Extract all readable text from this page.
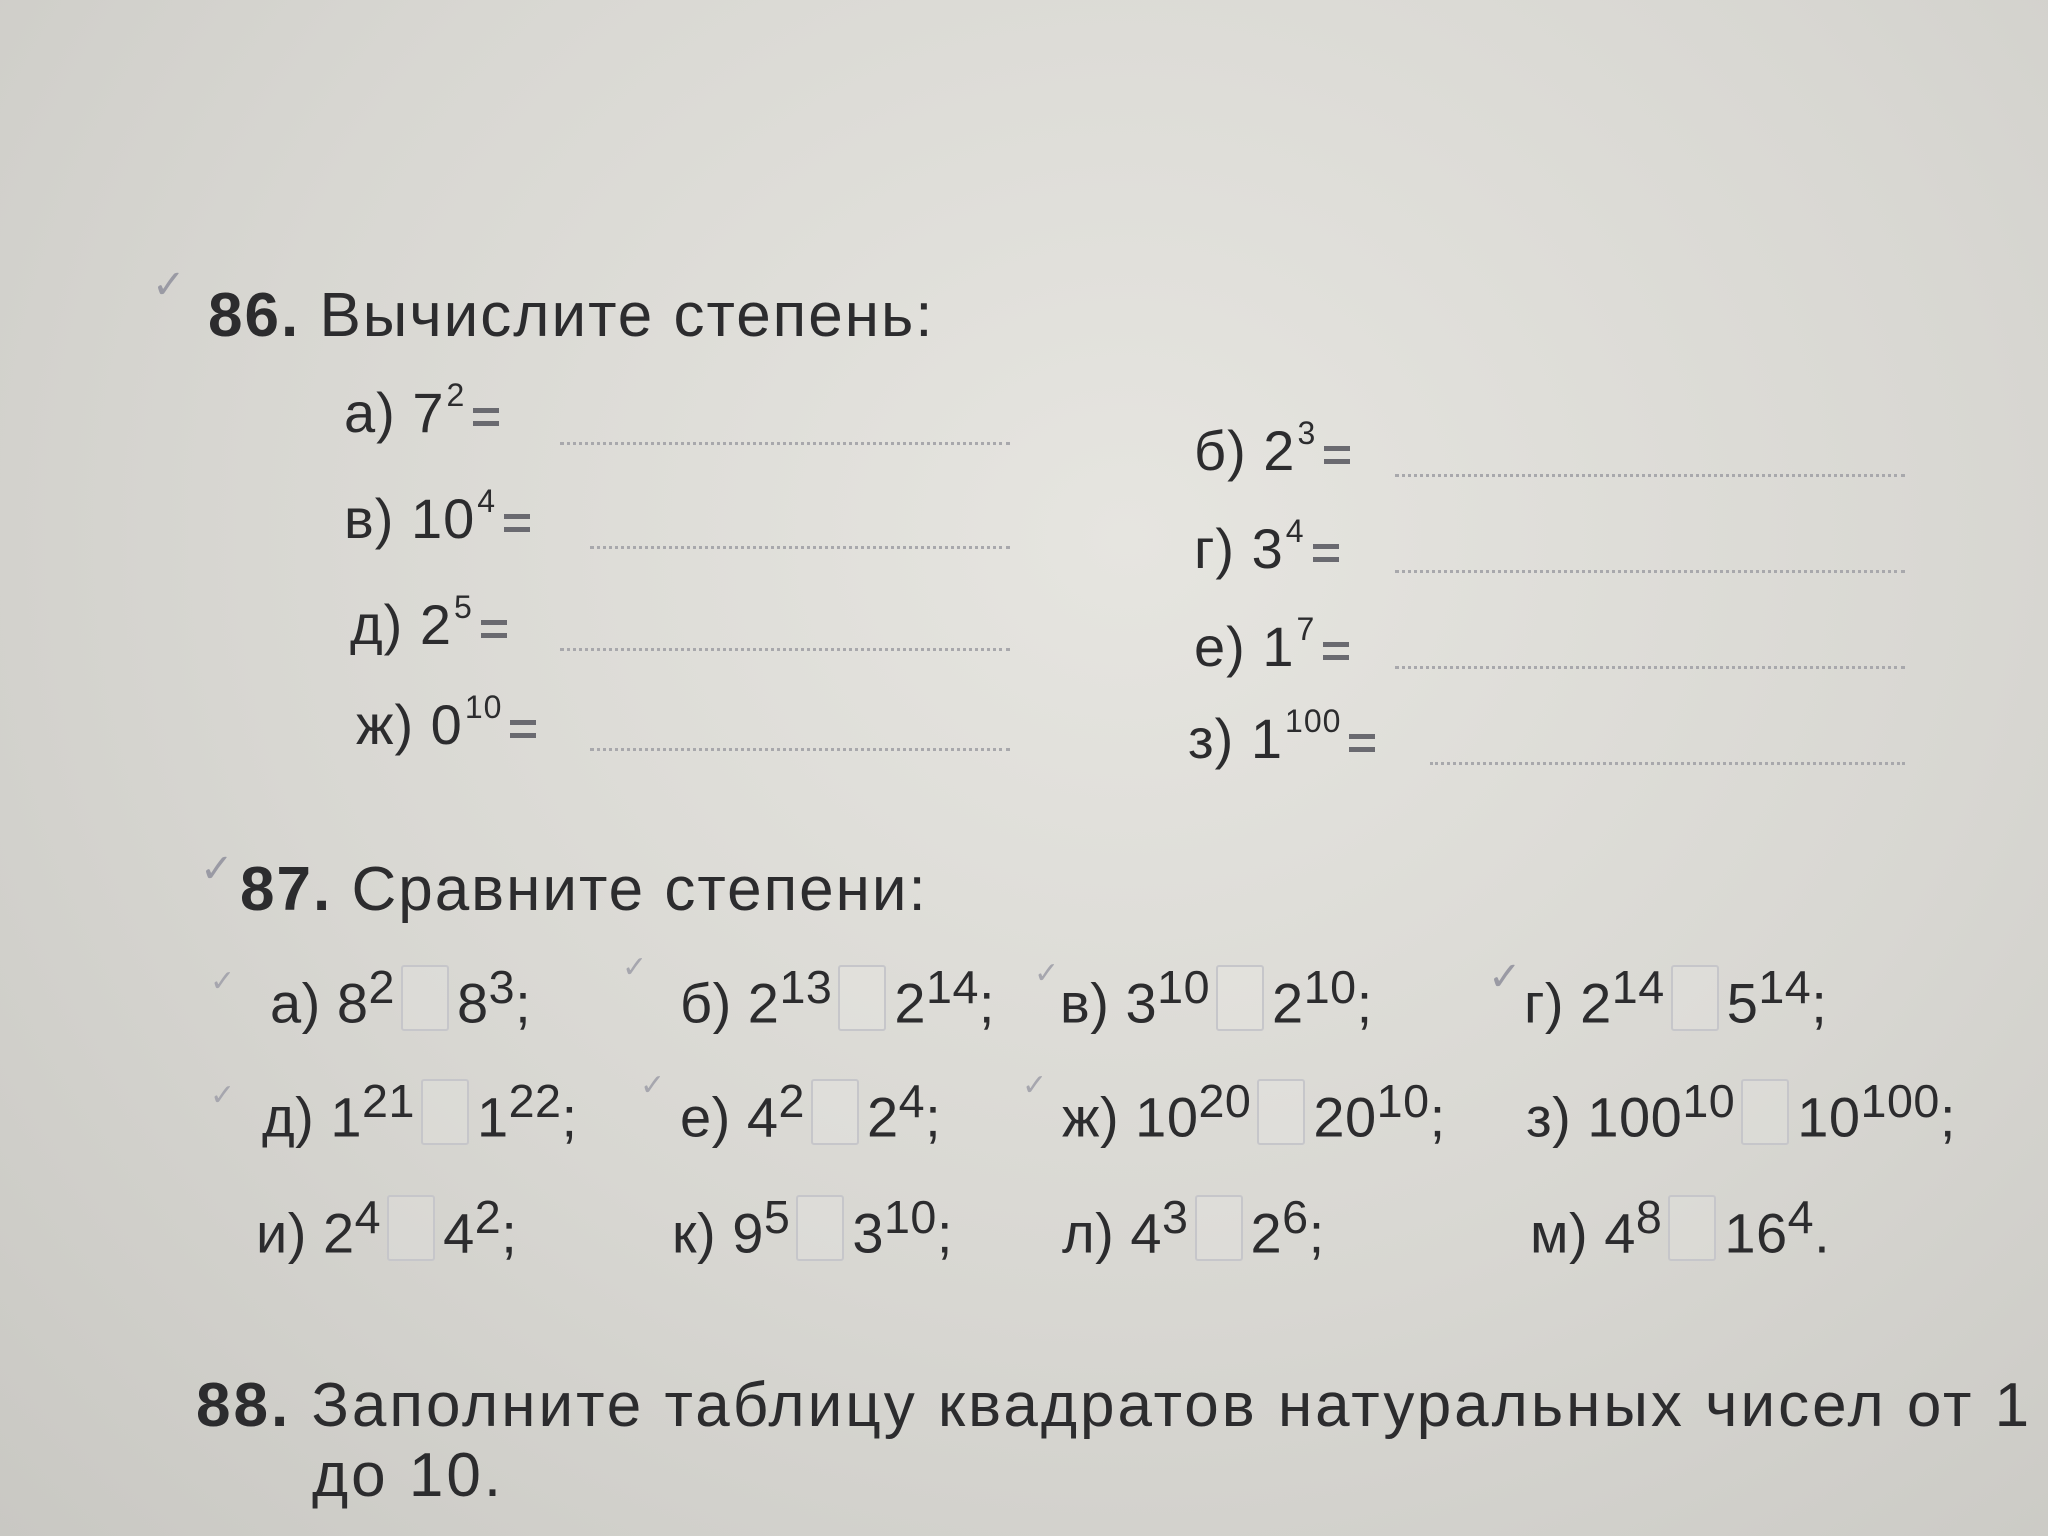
✓ 86. Вычислите степень:
а) $7^2$
в) $10^4$
д) $2^5$
ж) $0^{10}$
б) $2^3$
г) $3^4$
е) $1^7$
з) $1^{100}$
✓ 87. Сравните степени:
✓ а) $8^2$ $8^3$;
✓
б) $2^{13}$ $2^{14}$; ✓ в) $3^{10}$ $2^{10}$;	✓ г) $2^{14}$ $5^{14}$;
✓ д) $1^{21}$ $1^{22}$;
✓
е) $4^2$ $2^4$;
✓
ж) $10^{20}$ $20^{10}$; з) $100^{10}$ $10^{100}$;
и) $2^4$ $4^2$;	к) $9^5$ $3^{10}$; л) $4^3$ $2^6$;	м) $4^8$ $16^4$.
88. Заполните таблицу квадратов натуральных чисел от 1
до 10.
